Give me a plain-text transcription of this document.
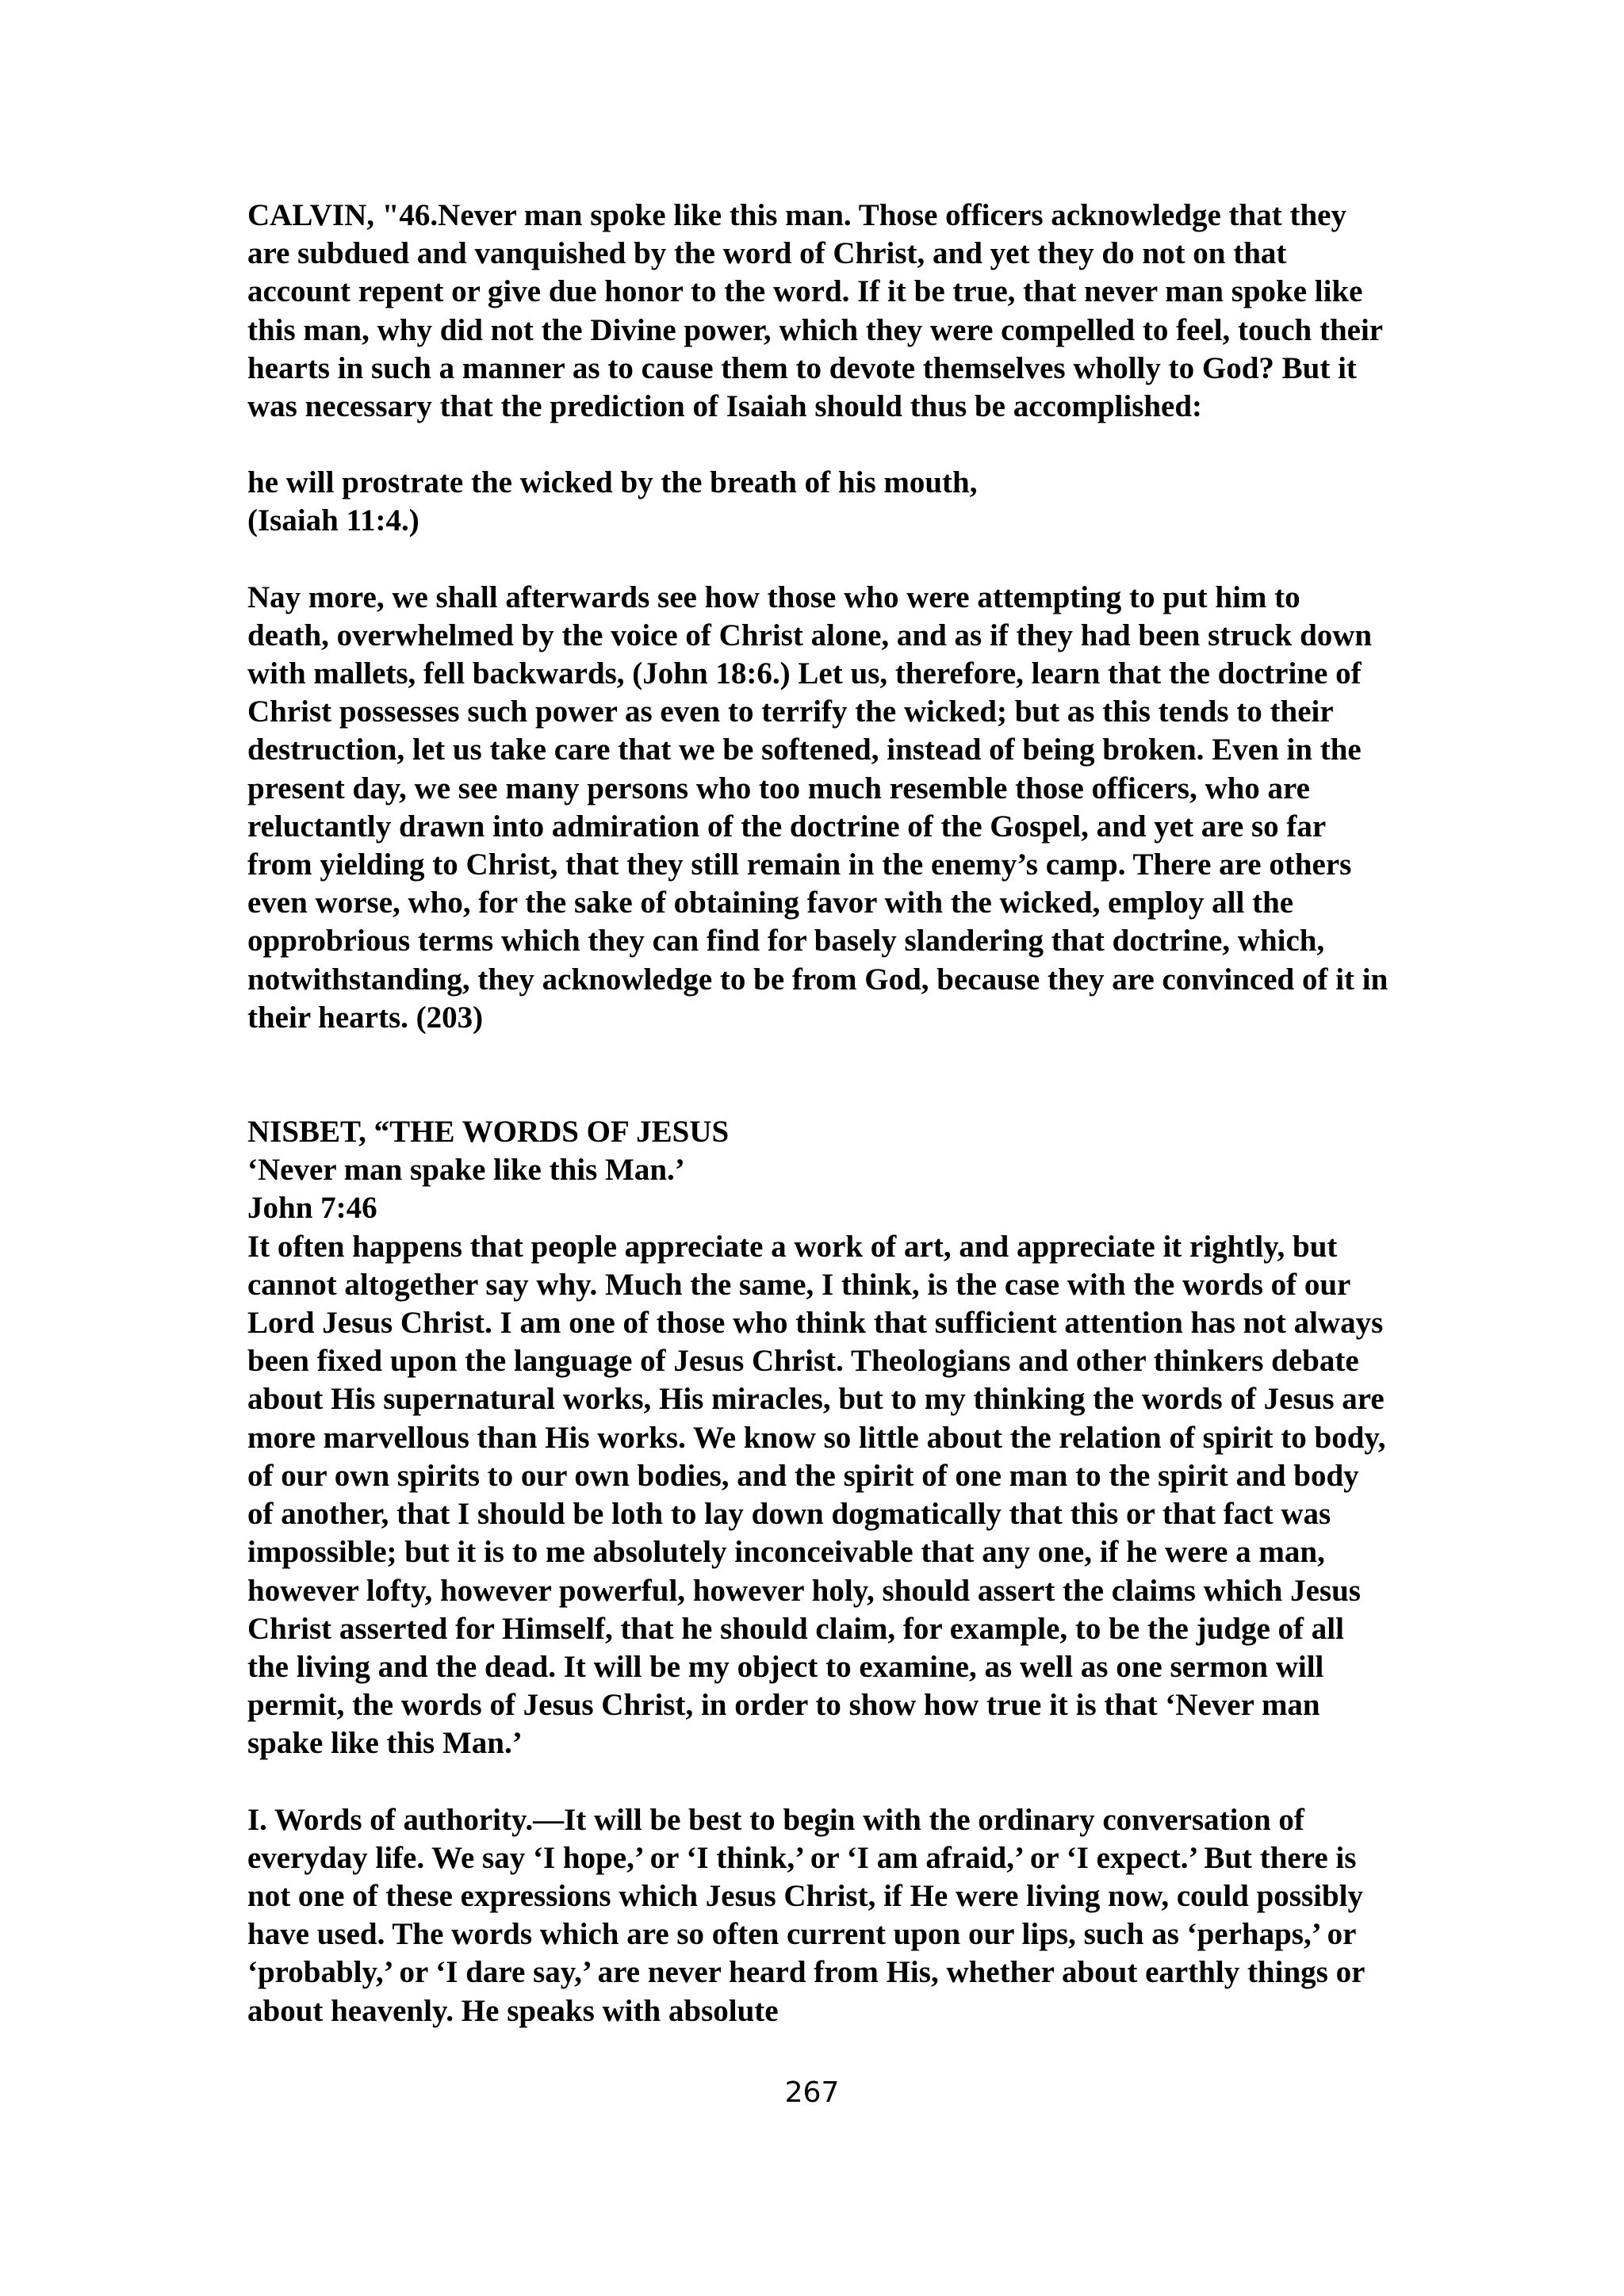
CALVIN, "46.Never man spoke like this man. Those officers acknowledge that they are subdued and vanquished by the word of Christ, and yet they do not on that account repent or give due honor to the word. If it be true, that never man spoke like this man, why did not the Divine power, which they were compelled to feel, touch their hearts in such a manner as to cause them to devote themselves wholly to God? But it was necessary that the prediction of Isaiah should thus be accomplished:

he will prostrate the wicked by the breath of his mouth,
(Isaiah 11:4.)

Nay more, we shall afterwards see how those who were attempting to put him to death, overwhelmed by the voice of Christ alone, and as if they had been struck down with mallets, fell backwards, (John 18:6.) Let us, therefore, learn that the doctrine of Christ possesses such power as even to terrify the wicked; but as this tends to their destruction, let us take care that we be softened, instead of being broken. Even in the present day, we see many persons who too much resemble those officers, who are reluctantly drawn into admiration of the doctrine of the Gospel, and yet are so far from yielding to Christ, that they still remain in the enemy’s camp. There are others even worse, who, for the sake of obtaining favor with the wicked, employ all the opprobrious terms which they can find for basely slandering that doctrine, which, notwithstanding, they acknowledge to be from God, because they are convinced of it in their hearts. (203)

NISBET, “THE WORDS OF JESUS
‘Never man spake like this Man.’
John 7:46

It often happens that people appreciate a work of art, and appreciate it rightly, but cannot altogether say why. Much the same, I think, is the case with the words of our Lord Jesus Christ. I am one of those who think that sufficient attention has not always been fixed upon the language of Jesus Christ. Theologians and other thinkers debate about His supernatural works, His miracles, but to my thinking the words of Jesus are more marvellous than His works. We know so little about the relation of spirit to body, of our own spirits to our own bodies, and the spirit of one man to the spirit and body of another, that I should be loth to lay down dogmatically that this or that fact was impossible; but it is to me absolutely inconceivable that any one, if he were a man, however lofty, however powerful, however holy, should assert the claims which Jesus Christ asserted for Himself, that he should claim, for example, to be the judge of all the living and the dead. It will be my object to examine, as well as one sermon will permit, the words of Jesus Christ, in order to show how true it is that ‘Never man spake like this Man.’

I. Words of authority.—It will be best to begin with the ordinary conversation of everyday life. We say ‘I hope,’ or ‘I think,’ or ‘I am afraid,’ or ‘I expect.’ But there is not one of these expressions which Jesus Christ, if He were living now, could possibly have used. The words which are so often current upon our lips, such as ‘perhaps,’ or ‘probably,’ or ‘I dare say,’ are never heard from His, whether about earthly things or about heavenly. He speaks with absolute

267
